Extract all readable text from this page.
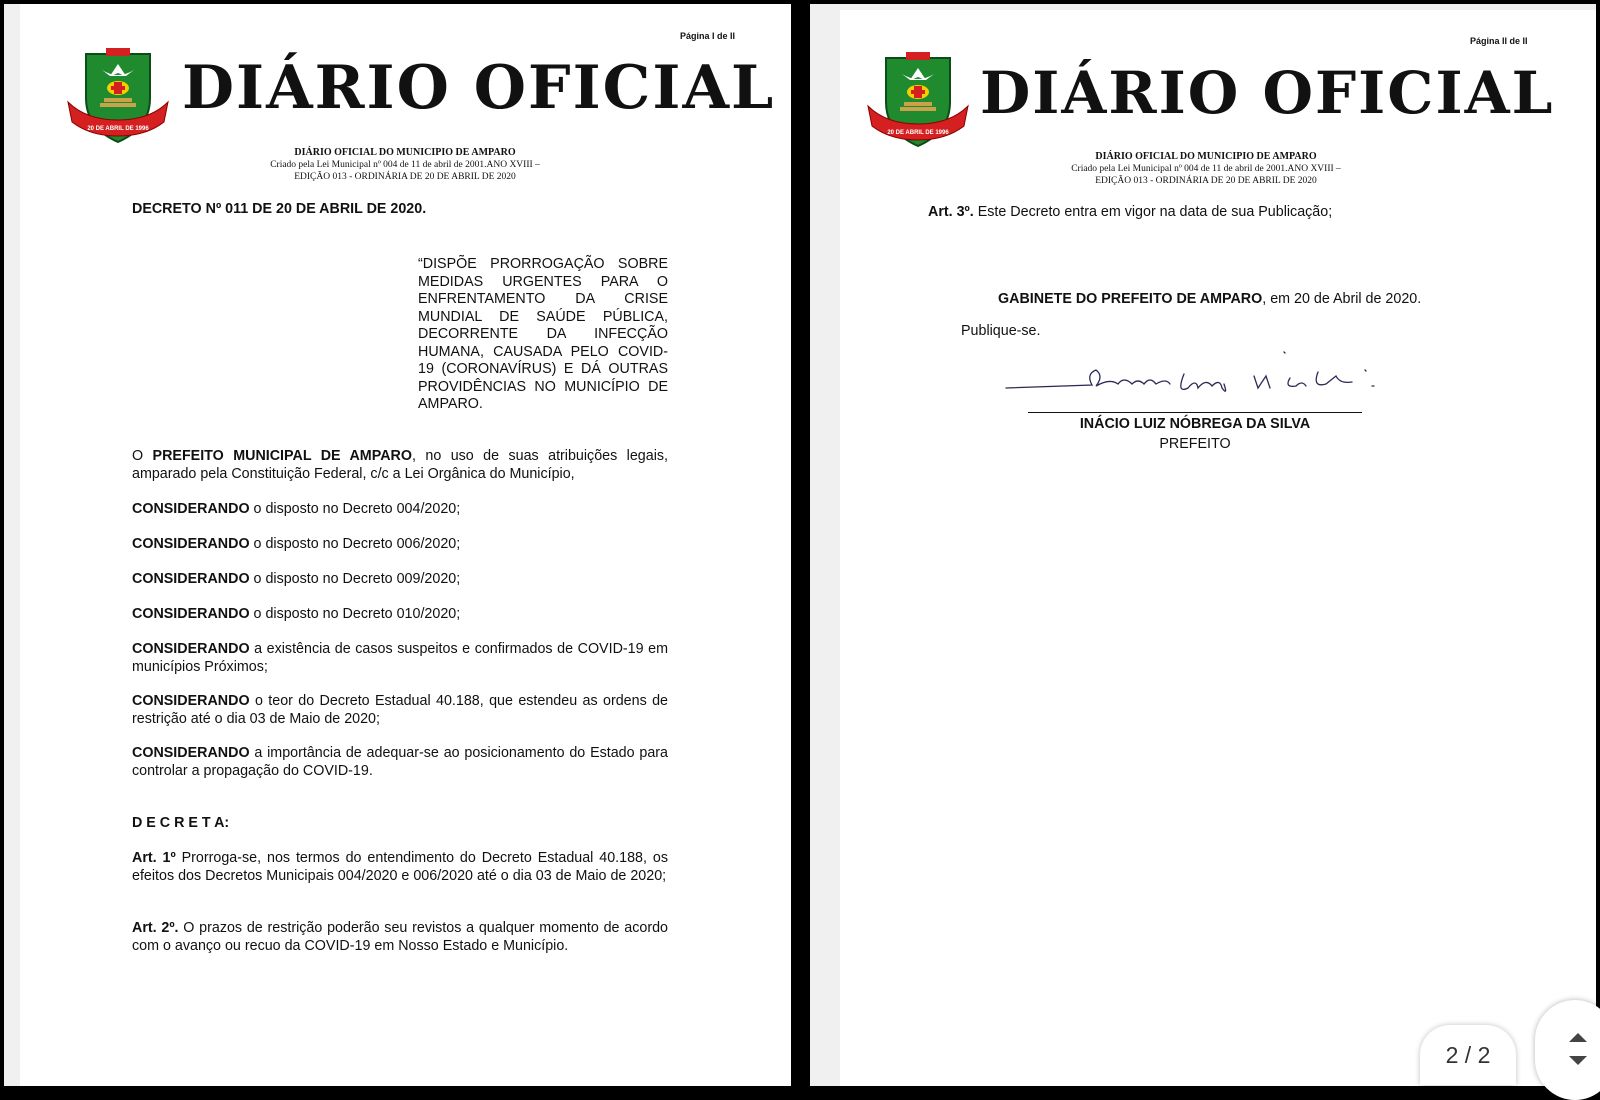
Página I de II
20 DE ABRIL DE 1996
DIÁRIO OFICIAL
DIÁRIO OFICIAL DO MUNICIPIO DE AMPARO
Criado pela Lei Municipal nº 004 de 11 de abril de 2001.ANO XVIII –
EDIÇÃO 013 - ORDINÁRIA DE 20 DE ABRIL DE 2020
DECRETO Nº 011 DE 20 DE ABRIL DE 2020.
“DISPÕE PRORROGAÇÃO SOBRE MEDIDAS URGENTES PARA O ENFRENTAMENTO DA CRISE MUNDIAL DE SAÚDE PÚBLICA, DECORRENTE DA INFECÇÃO HUMANA, CAUSADA PELO COVID-19 (CORONAVÍRUS) E DÁ OUTRAS PROVIDÊNCIAS NO MUNICÍPIO DE AMPARO.
O PREFEITO MUNICIPAL DE AMPARO, no uso de suas atribuições legais, amparado pela Constituição Federal, c/c a Lei Orgânica do Município,
CONSIDERANDO o disposto no Decreto 004/2020;
CONSIDERANDO o disposto no Decreto 006/2020;
CONSIDERANDO o disposto no Decreto 009/2020;
CONSIDERANDO o disposto no Decreto 010/2020;
CONSIDERANDO a existência de casos suspeitos e confirmados de COVID-19 em municípios Próximos;
CONSIDERANDO o teor do Decreto Estadual 40.188, que estendeu as ordens de restrição até o dia 03 de Maio de 2020;
CONSIDERANDO a importância de adequar-se ao posicionamento do Estado para controlar a propagação do COVID-19.
D E C R E T A:
Art. 1º Prorroga-se, nos termos do entendimento do Decreto Estadual 40.188, os efeitos dos Decretos Municipais 004/2020 e 006/2020 até o dia 03 de Maio de 2020;
Art. 2º. O prazos de restrição poderão seu revistos a qualquer momento de acordo com o avanço ou recuo da COVID-19 em Nosso Estado e Município.
Página II de II
20 DE ABRIL DE 1996
DIÁRIO OFICIAL
DIÁRIO OFICIAL DO MUNICIPIO DE AMPARO
Criado pela Lei Municipal nº 004 de 11 de abril de 2001.ANO XVIII –
EDIÇÃO 013 - ORDINÁRIA DE 20 DE ABRIL DE 2020
Art. 3º. Este Decreto entra em vigor na data de sua Publicação;
GABINETE DO PREFEITO DE AMPARO, em 20 de Abril de 2020.
Publique-se.
INÁCIO LUIZ NÓBREGA DA SILVA
PREFEITO
2 / 2
